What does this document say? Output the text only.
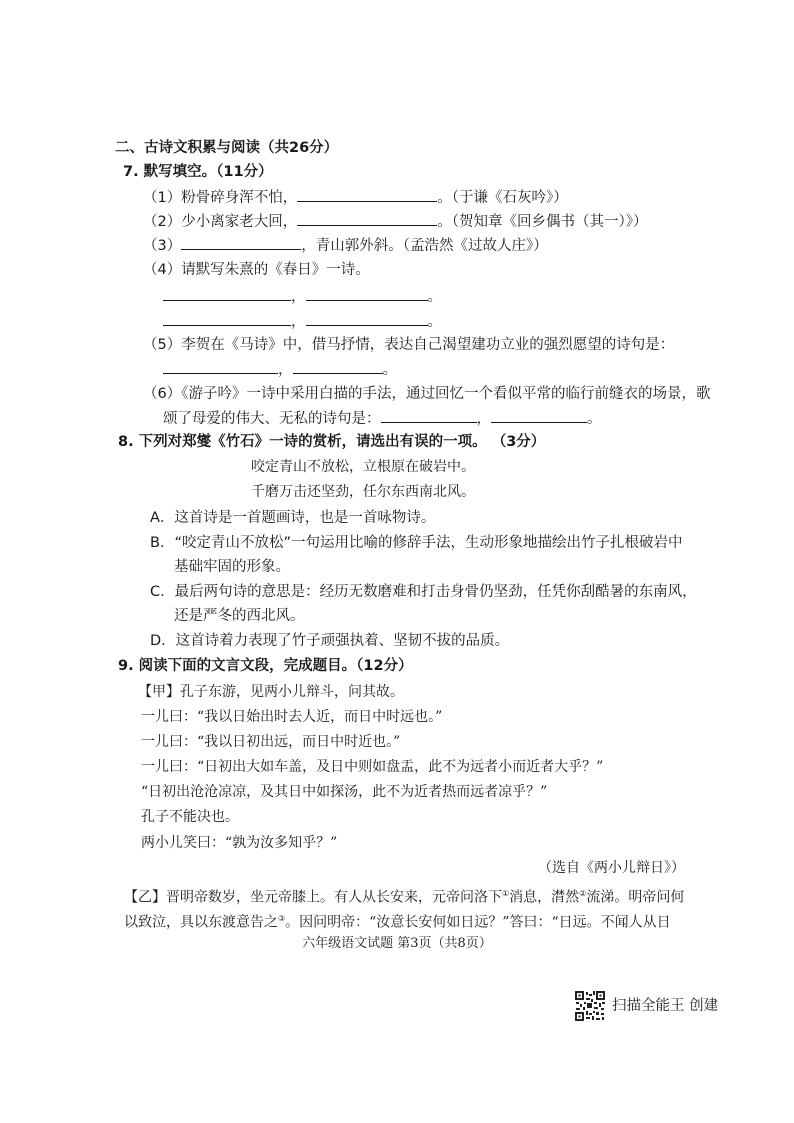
二、古诗文积累与阅读（共26分）
7. 默写填空。（11分）
（1）粉骨碎身浑不怕，	。（于谦《石灰吟》）
（2）少小离家老大回，	。（贺知章《回乡偶书（其一）》）
（3）	，青山郭外斜。（孟浩然《过故人庄》）
（4）请默写朱熹的《春日》一诗。
，	。
，	。
（5）李贺在《马诗》中，借马抒情，表达自己渴望建功立业的强烈愿望的诗句是：
，	。
（6）《游子吟》一诗中采用白描的手法，通过回忆一个看似平常的临行前缝衣的场景，歌
颂了母爱的伟大、无私的诗句是：	，	。
8. 下列对郑燮《竹石》一诗的赏析，请选出有误的一项。 （3分）
咬定青山不放松，立根原在破岩中。
千磨万击还坚劲，任尔东西南北风。
A．这首诗是一首题画诗，也是一首咏物诗。
B．“咬定青山不放松”一句运用比喻的修辞手法，生动形象地描绘出竹子扎根破岩中
基础牢固的形象。
C．最后两句诗的意思是：经历无数磨难和打击身骨仍坚劲，任凭你刮酷暑的东南风，
还是严冬的西北风。
D．这首诗着力表现了竹子顽强执着、坚韧不拔的品质。
9. 阅读下面的文言文段，完成题目。（12分）
【甲】孔子东游，见两小儿辩斗，问其故。
一儿曰：“我以日始出时去人近，而日中时远也。”
一儿曰：“我以日初出远，而日中时近也。”
一儿曰：“日初出大如车盖，及日中则如盘盂，此不为远者小而近者大乎？”
“日初出沧沧凉凉，及其日中如探汤，此不为近者热而远者凉乎？”
孔子不能决也。
两小儿笑曰：“孰为汝多知乎？”
（选自《两小儿辩日》）
【乙】晋明帝数岁，坐元帝膝上。有人从长安来，元帝问洛下①消息，潸然②流涕。明帝问何
以致泣，具以东渡意告之③。因问明帝：“汝意长安何如日远？”答曰：“日远。不闻人从日
六年级语文试题 第3页（共8页）
扫描全能王 创建
